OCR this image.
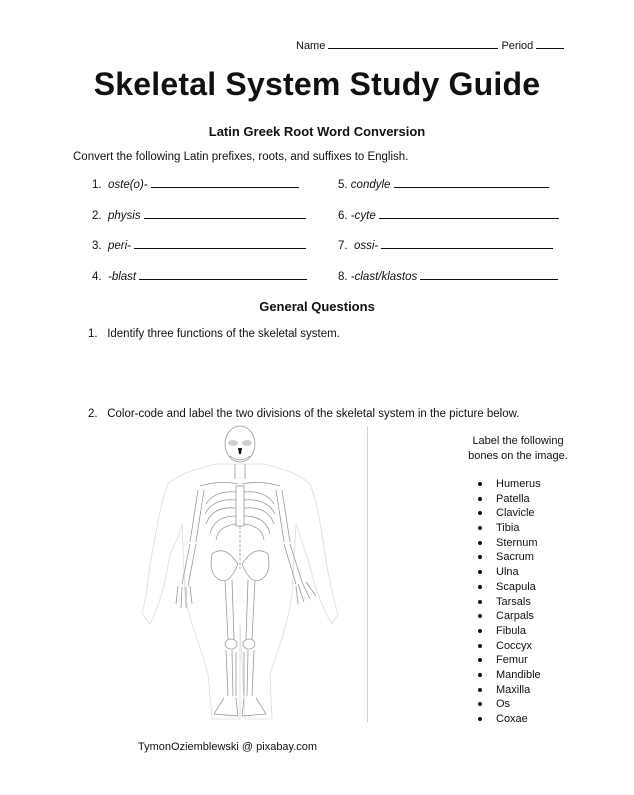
Name	Period
Skeletal System Study Guide
Latin Greek Root Word Conversion
Convert the following Latin prefixes, roots, and suffixes to English.
1. oste(o)-
2. physis
3. peri-
4. -blast
5. condyle
6. -cyte
7. ossi-
8. -clast/klastos
General Questions
1. Identify three functions of the skeletal system.
2. Color-code and label the two divisions of the skeletal system in the picture below.
Label the following
bones on the image.
Humerus
Patella
Clavicle
Tibia
Sternum
Sacrum
Ulna
Scapula
Tarsals
Carpals
Fibula
Coccyx
Femur
Mandible
Maxilla
Os
Coxae
TymonOziemblewski @ pixabay.com
